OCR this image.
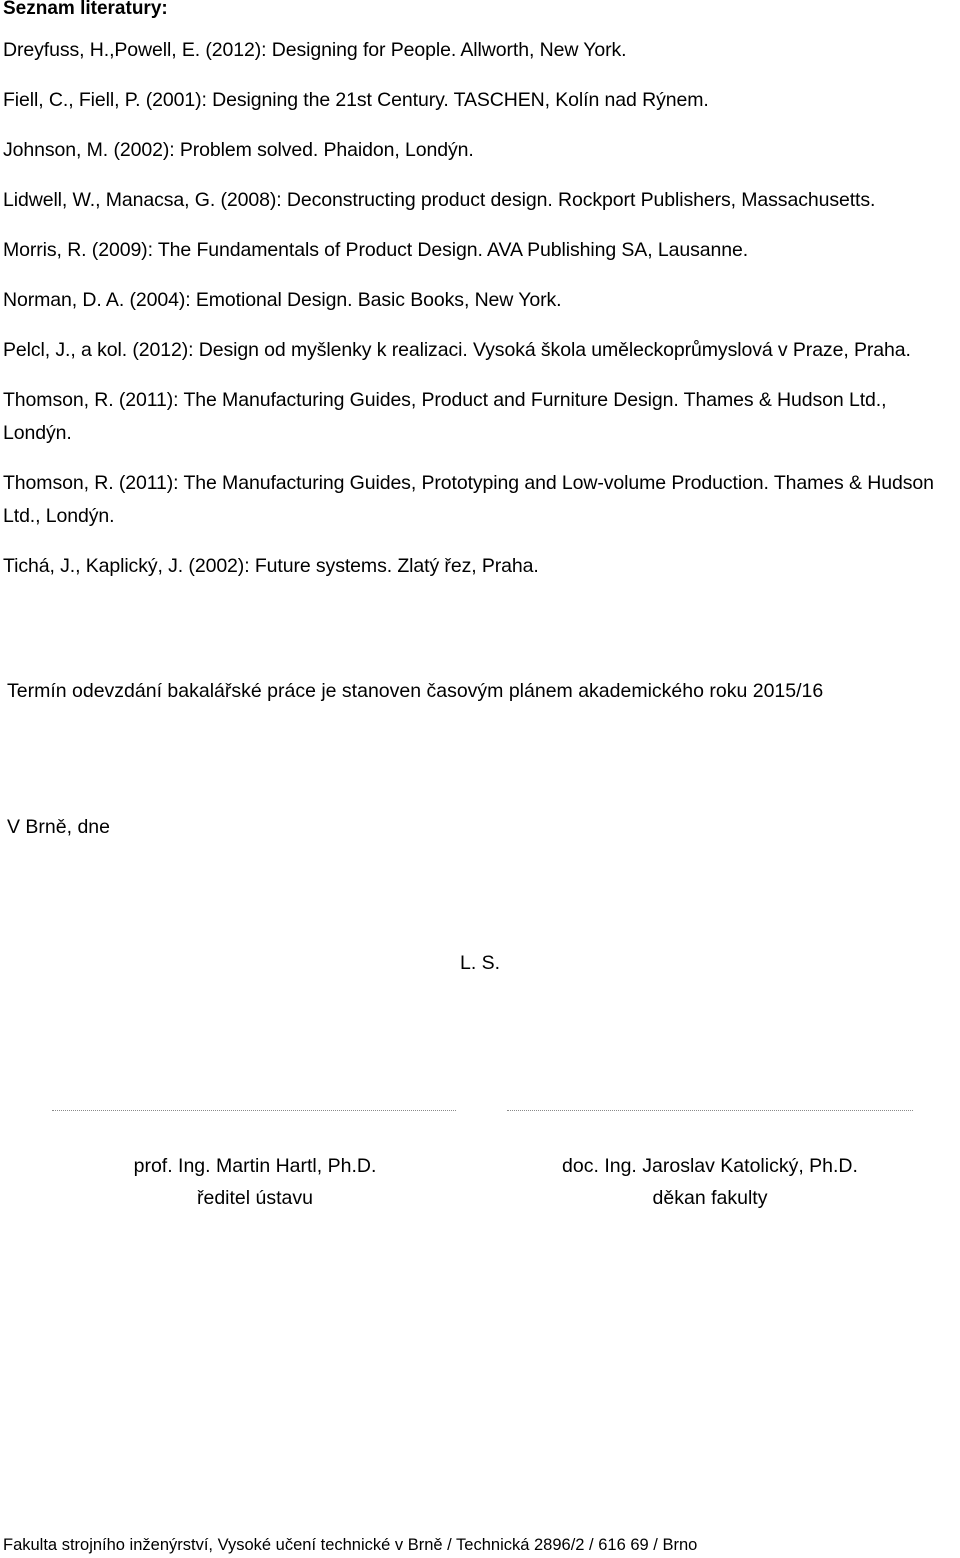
Seznam literatury:
Dreyfuss, H.,Powell, E. (2012): Designing for People. Allworth, New York.
Fiell, C., Fiell, P. (2001): Designing the 21st Century. TASCHEN, Kolín nad Rýnem.
Johnson, M. (2002): Problem solved. Phaidon, Londýn.
Lidwell, W., Manacsa, G. (2008): Deconstructing product design. Rockport Publishers, Massachusetts.
Morris, R. (2009): The Fundamentals of Product Design. AVA Publishing SA, Lausanne.
Norman, D. A. (2004): Emotional Design. Basic Books, New York.
Pelcl, J., a kol. (2012): Design od myšlenky k realizaci. Vysoká škola uměleckoprůmyslová v Praze, Praha.
Thomson, R. (2011): The Manufacturing Guides, Product and Furniture Design. Thames & Hudson Ltd., Londýn.
Thomson, R. (2011): The Manufacturing Guides, Prototyping and Low-volume Production. Thames & Hudson Ltd., Londýn.
Tichá, J., Kaplický, J. (2002): Future systems. Zlatý řez, Praha.
Termín odevzdání bakalářské práce je stanoven časovým plánem akademického roku 2015/16
V Brně, dne
L. S.
prof. Ing. Martin Hartl, Ph.D.
ředitel ústavu
doc. Ing. Jaroslav Katolický, Ph.D.
děkan fakulty
Fakulta strojního inženýrství, Vysoké učení technické v Brně / Technická 2896/2 / 616 69 / Brno
